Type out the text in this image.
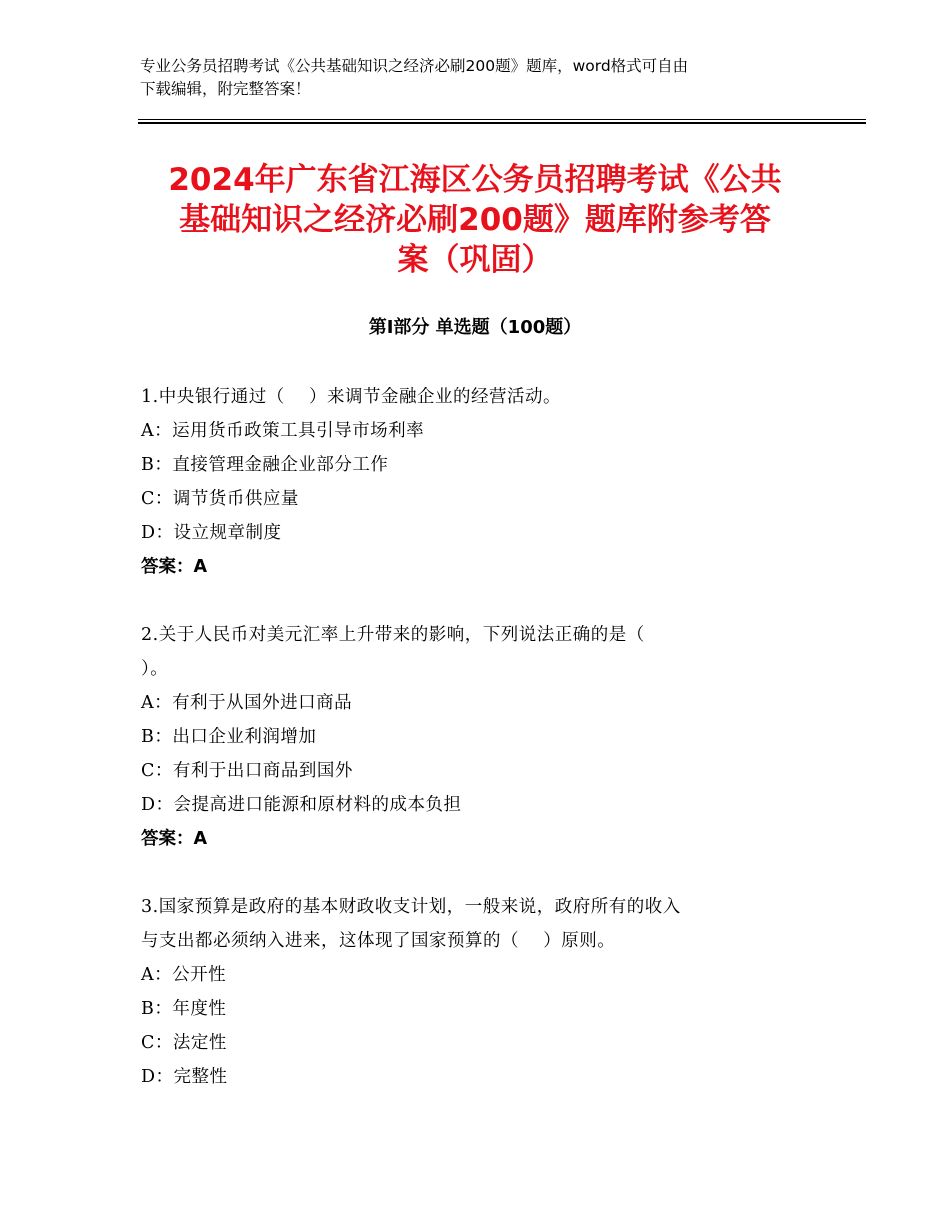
专业公务员招聘考试《公共基础知识之经济必刷200题》题库，word格式可自由
下载编辑，附完整答案！
2024年广东省江海区公务员招聘考试《公共
基础知识之经济必刷200题》题库附参考答
案（巩固）
第Ⅰ部分 单选题（100题）
1.中央银行通过（    ）来调节金融企业的经营活动。
A：运用货币政策工具引导市场利率
B：直接管理金融企业部分工作
C：调节货币供应量
D：设立规章制度
答案：A
2.关于人民币对美元汇率上升带来的影响，下列说法正确的是（
）。
A：有利于从国外进口商品
B：出口企业利润增加
C：有利于出口商品到国外
D：会提高进口能源和原材料的成本负担
答案：A
3.国家预算是政府的基本财政收支计划，一般来说，政府所有的收入
与支出都必须纳入进来，这体现了国家预算的（    ）原则。
A：公开性
B：年度性
C：法定性
D：完整性
